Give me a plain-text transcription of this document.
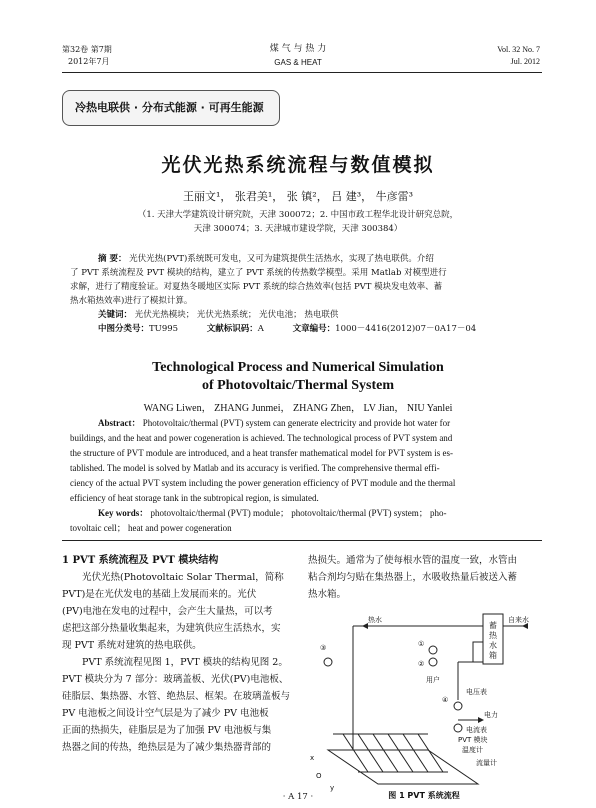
第32卷 第7期
2012年7月
煤 气 与 热 力
GAS & HEAT
Vol. 32 No. 7
Jul. 2012
冷热电联供 · 分布式能源 · 可再生能源
光伏光热系统流程与数值模拟
王丽文¹， 张君美¹， 张 镇²， 吕 建³， 牛彦雷³
（1. 天津大学建筑设计研究院，天津 300072；2. 中国市政工程华北设计研究总院，
天津 300074；3. 天津城市建设学院，天津 300384）
摘 要： 光伏光热(PVT)系统既可发电，又可为建筑提供生活热水，实现了热电联供。介绍
了 PVT 系统流程及 PVT 模块的结构，建立了 PVT 系统的传热数学模型。采用 Matlab 对模型进行
求解，进行了精度验证。对夏热冬暖地区实际 PVT 系统的综合热效率(包括 PVT 模块发电效率、蓄
热水箱热效率)进行了模拟计算。
关键词： 光伏光热模块； 光伏光热系统； 光伏电池； 热电联供
中图分类号：TU995	文献标识码：A	文章编号：1000－4416(2012)07－0A17－04
Technological Process and Numerical Simulation
of Photovoltaic/Thermal System
WANG Liwen， ZHANG Junmei， ZHANG Zhen， LV Jian， NIU Yanlei
Abstract： Photovoltaic/thermal (PVT) system can generate electricity and provide hot water for
buildings, and the heat and power cogeneration is achieved. The technological process of PVT system and
the structure of PVT module are introduced, and a heat transfer mathematical model for PVT system is es-
tablished. The model is solved by Matlab and its accuracy is verified. The comprehensive thermal effi-
ciency of the actual PVT system including the power generation efficiency of PVT module and the thermal
efficiency of heat storage tank in the subtropical region, is simulated.
Key words： photovoltaic/thermal (PVT) module； photovoltaic/thermal (PVT) system； pho-
tovoltaic cell； heat and power cogeneration
1 PVT 系统流程及 PVT 模块结构
光伏光热(Photovoltaic Solar Thermal，简称
PVT)是在光伏发电的基础上发展而来的。光伏
(PV)电池在发电的过程中，会产生大量热，可以考
虑把这部分热量收集起来，为建筑供应生活热水，实
现 PVT 系统对建筑的热电联供。
PVT 系统流程见图 1，PVT 模块的结构见图 2。
PVT 模块分为 7 部分：玻璃盖板、光伏(PV)电池板、
硅脂层、集热器、水管、绝热层、框架。在玻璃盖板与
PV 电池板之间设计空气层是为了减少 PV 电池板
正面的热损失，硅脂层是为了加强 PV 电池板与集
热器之间的传热，绝热层是为了减少集热器背部的
热损失。通常为了使每根水管的温度一致，水管由
粘合剂均匀贴在集热器上，水吸收热量后被送入蓄
热水箱。
蓄
热
水
箱
热水	自来水
用户
电压表
电力
电流表
PVT 模块
温度计
流量计
x
y
O
①
②
③
④
图 1 PVT 系统流程
· A 17 ·
